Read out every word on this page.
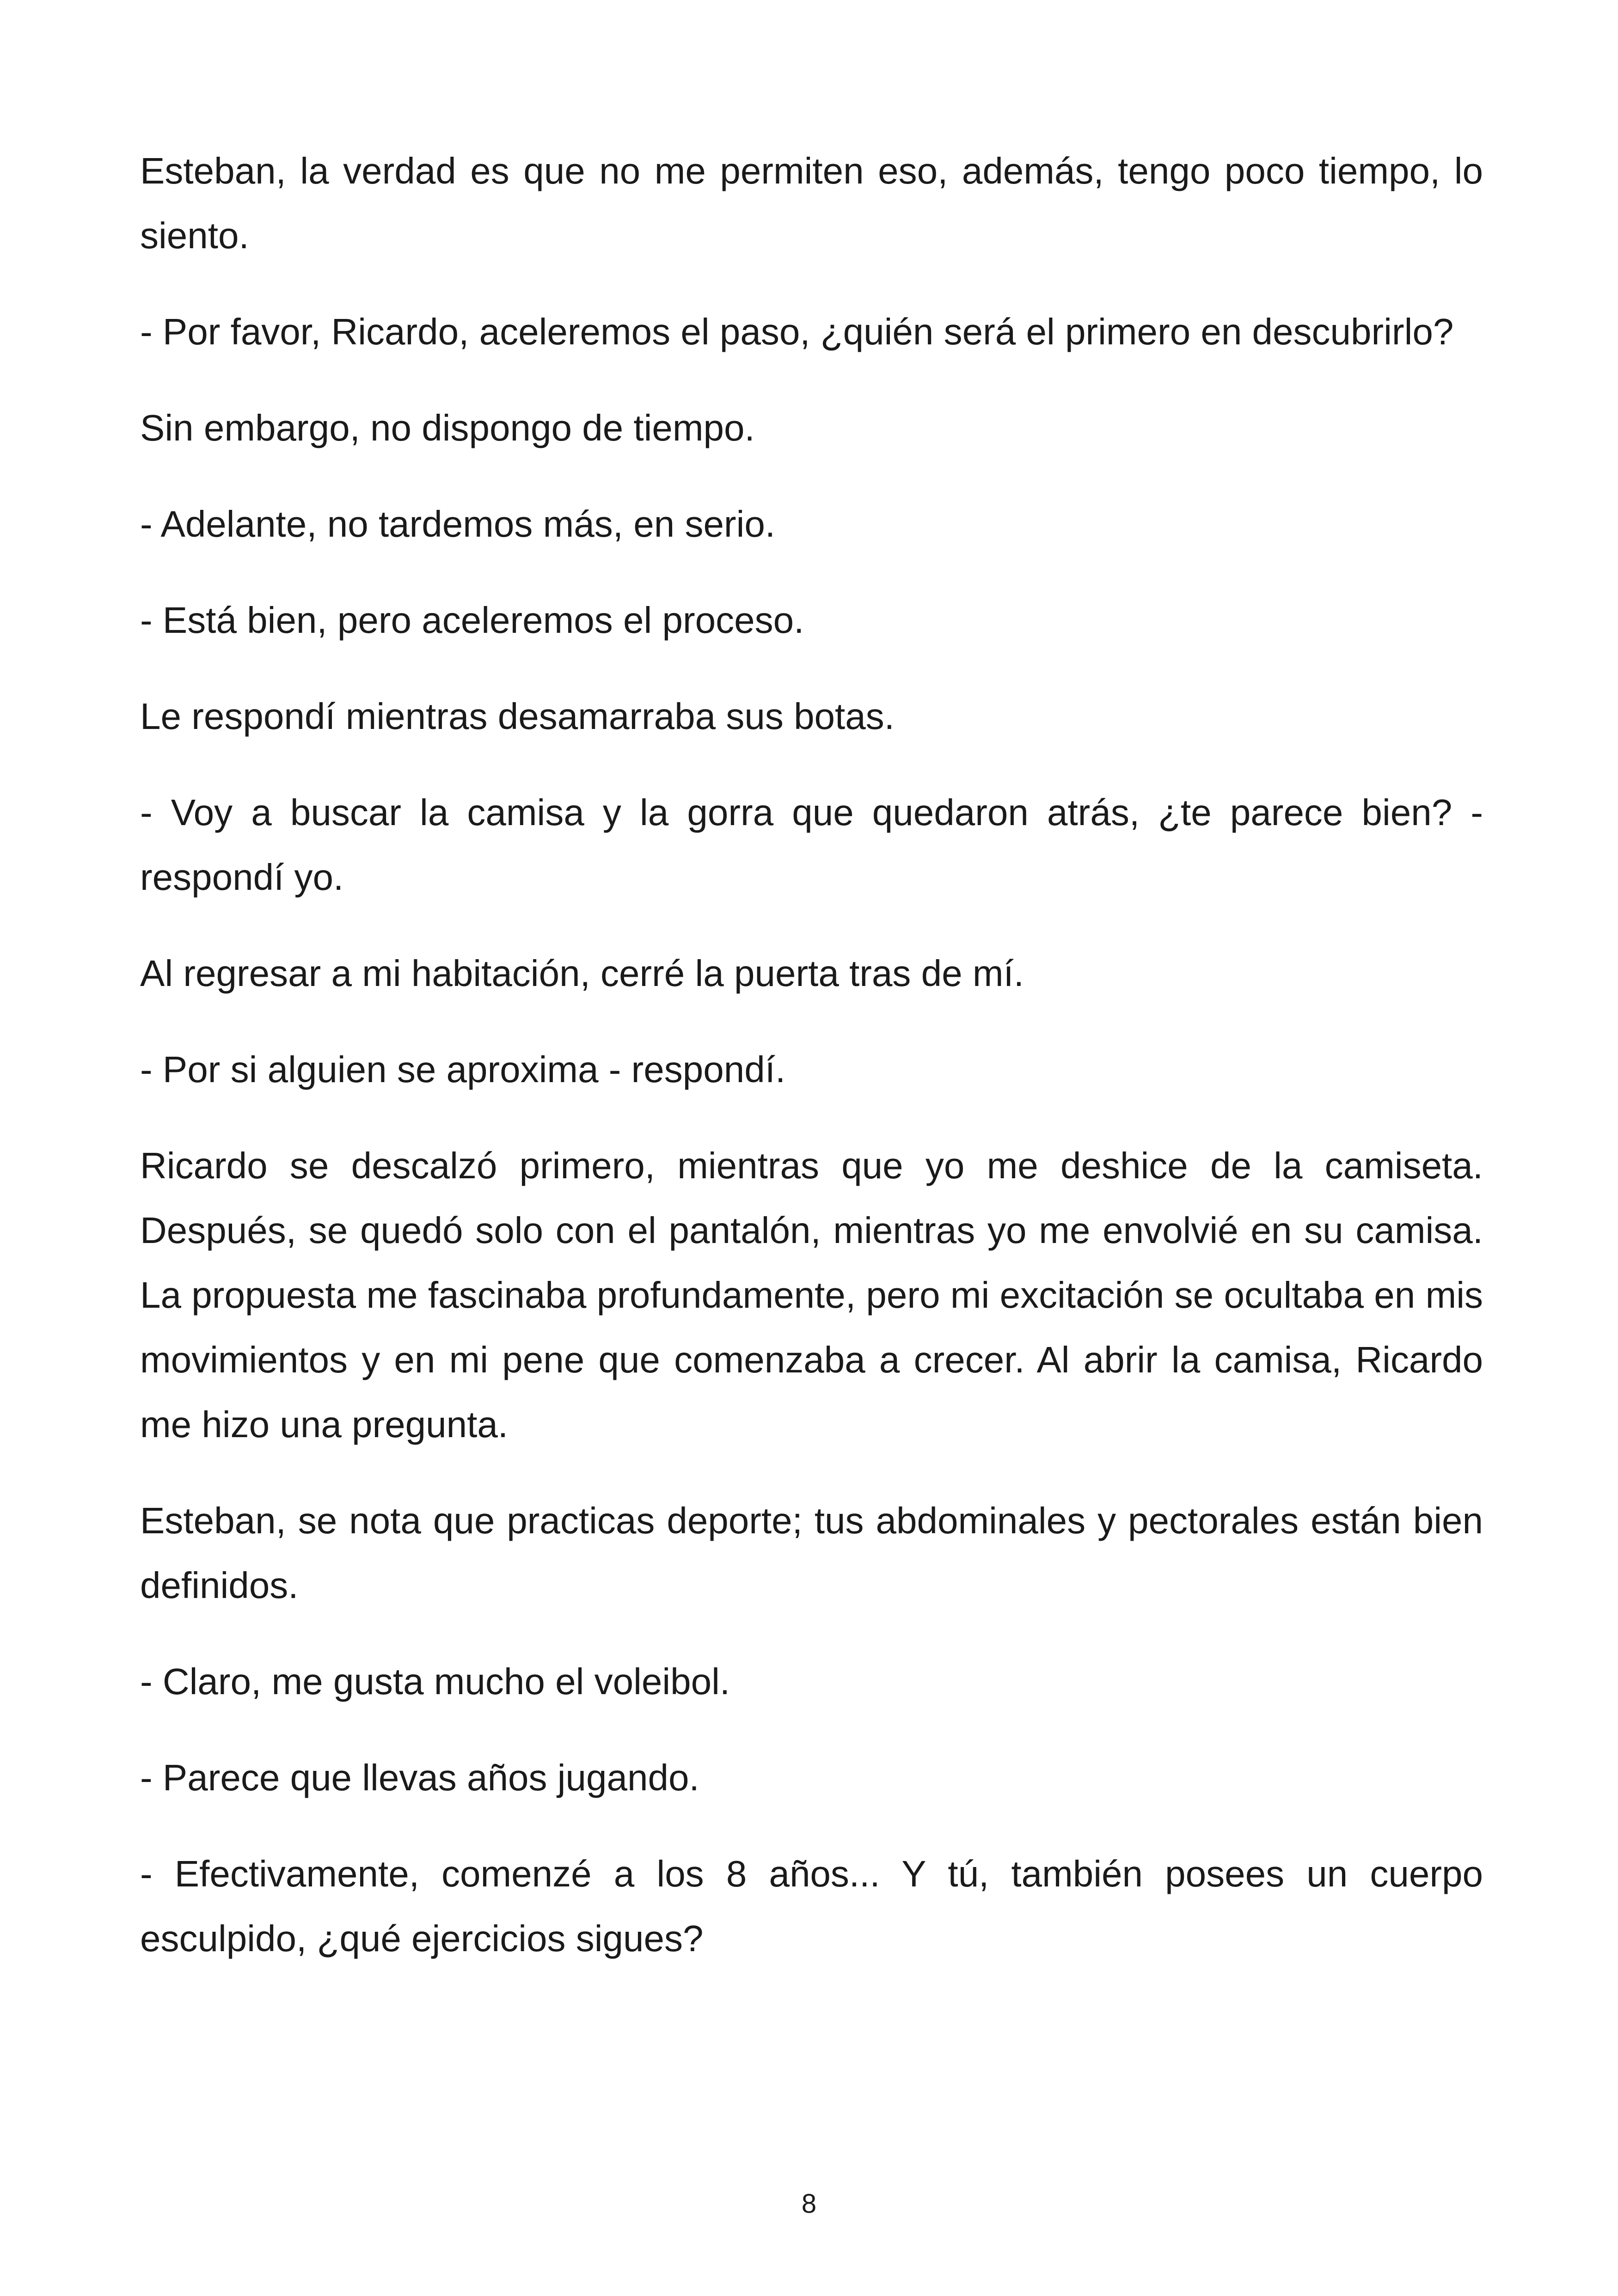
Esteban, la verdad es que no me permiten eso, además, tengo poco tiempo, lo siento.

- Por favor, Ricardo, aceleremos el paso, ¿quién será el primero en descubrirlo?

Sin embargo, no dispongo de tiempo.

- Adelante, no tardemos más, en serio.

- Está bien, pero aceleremos el proceso.

Le respondí mientras desamarraba sus botas.

- Voy a buscar la camisa y la gorra que quedaron atrás, ¿te parece bien? - respondí yo.

Al regresar a mi habitación, cerré la puerta tras de mí.

- Por si alguien se aproxima - respondí.

Ricardo se descalzó primero, mientras que yo me deshice de la camiseta. Después, se quedó solo con el pantalón, mientras yo me envolvié en su camisa. La propuesta me fascinaba profundamente, pero mi excitación se ocultaba en mis movimientos y en mi pene que comenzaba a crecer. Al abrir la camisa, Ricardo me hizo una pregunta.

Esteban, se nota que practicas deporte; tus abdominales y pectorales están bien definidos.

- Claro, me gusta mucho el voleibol.

- Parece que llevas años jugando.

- Efectivamente, comenzé a los 8 años... Y tú, también posees un cuerpo esculpido, ¿qué ejercicios sigues?

8
